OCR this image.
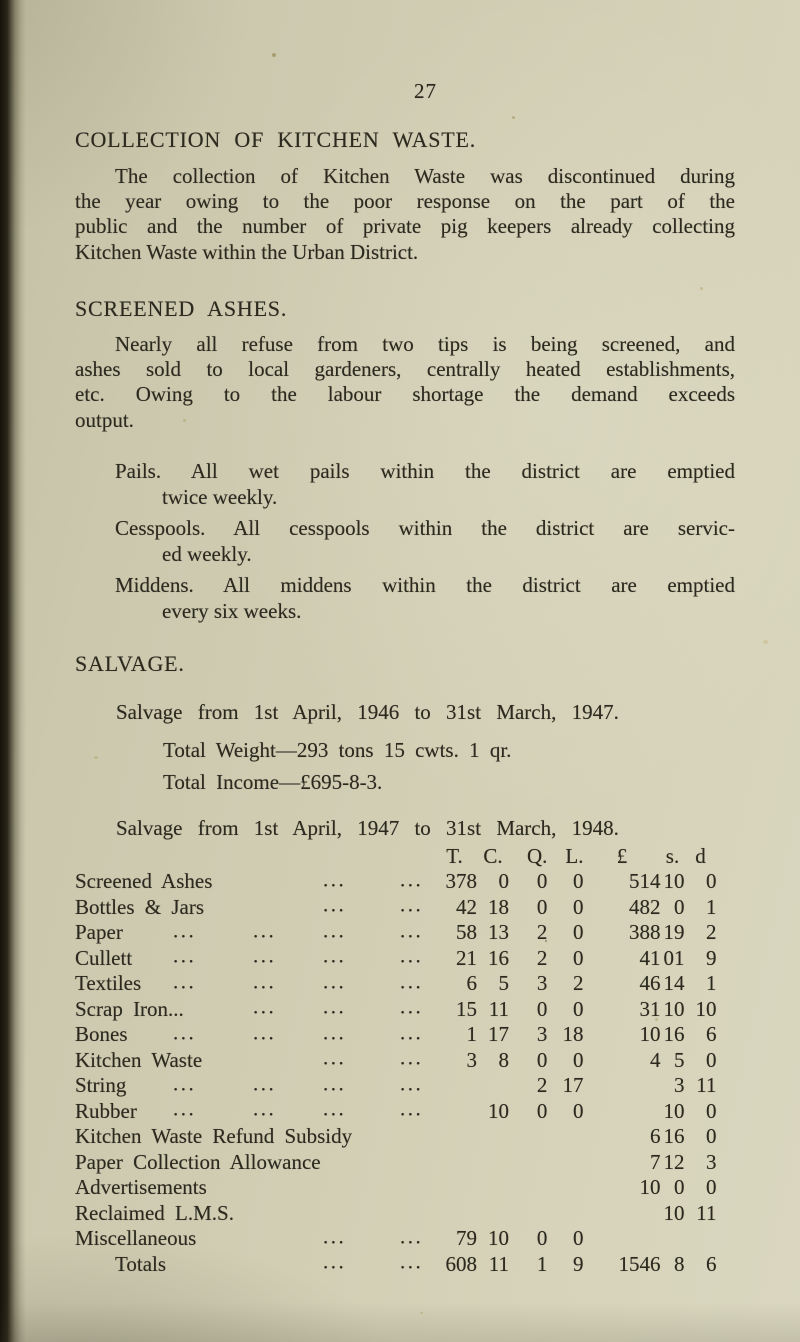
27
COLLECTION OF KITCHEN WASTE.
The collection of Kitchen Waste was discontinued during
the year owing to the poor response on the part of the
public and the number of private pig keepers already collecting
Kitchen Waste within the Urban District.
SCREENED ASHES.
Nearly all refuse from two tips is being screened, and
ashes sold to local gardeners, centrally heated establishments,
etc. Owing to the labour shortage the demand exceeds
output.
Pails. All wet pails within the district are emptied
twice weekly.
Cesspools. All cesspools within the district are servic-
ed weekly.
Middens. All middens within the district are emptied
every six weeks.
SALVAGE.
Salvage from 1st April, 1946 to 31st March, 1947.
Total Weight—293 tons 15 cwts. 1 qr.
Total Income—£695-8-3.
Salvage from 1st April, 1947 to 31st March, 1948.
	T.	C.	Q.	L.	£	s.	d

Screened Ashes ... ...	378	0	0	0	514	10	0

Bottles & Jars ... ...	42	18	0	0	482	0	1

Paper ... ... ... ...	58	13	2	0	388	19	2

Cullett ... ... ... ...	21	16	2	0	41	01	9

Textiles ... ... ... ...	6	5	3	2	46	14	1

Scrap Iron... ... ... ...	15	11	0	0	31	10	10

Bones ... ... ... ...	1	17	3	18	10	16	6

Kitchen Waste ... ...	3	8	0	0	4	5	0

String ... ... ... ...			2	17		3	11

Rubber ... ... ... ...		10	0	0		10	0

Kitchen Waste Refund Subsidy					6	16	0

Paper Collection Allowance					7	12	3

Advertisements					10	0	0

Reclaimed L.M.S.						10	11

Miscellaneous ... ...	79	10	0	0			

Totals ... ...	608	11	1	9	1546	8	6
